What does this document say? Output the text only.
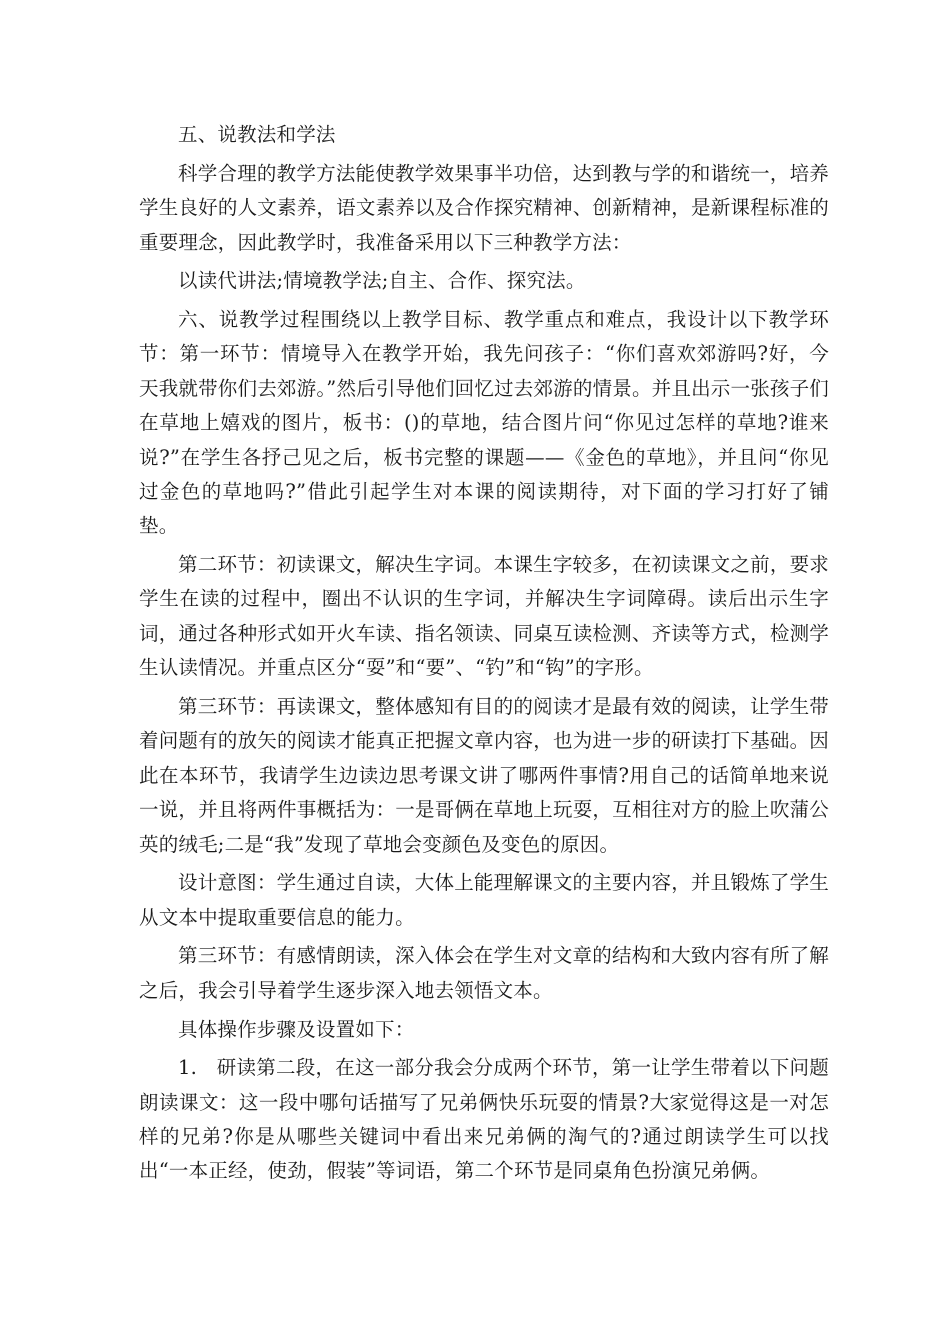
五、说教法和学法

科学合理的教学方法能使教学效果事半功倍，达到教与学的和谐统一，培养学生良好的人文素养，语文素养以及合作探究精神、创新精神，是新课程标准的重要理念，因此教学时，我准备采用以下三种教学方法：

以读代讲法;情境教学法;自主、合作、探究法。

六、说教学过程围绕以上教学目标、教学重点和难点，我设计以下教学环节：第一环节：情境导入在教学开始，我先问孩子：“你们喜欢郊游吗?好，今天我就带你们去郊游。”然后引导他们回忆过去郊游的情景。并且出示一张孩子们在草地上嬉戏的图片，板书：()的草地，结合图片问“你见过怎样的草地?谁来说?”在学生各抒己见之后，板书完整的课题——《金色的草地》，并且问“你见过金色的草地吗?”借此引起学生对本课的阅读期待，对下面的学习打好了铺垫。

第二环节：初读课文，解决生字词。本课生字较多，在初读课文之前，要求学生在读的过程中，圈出不认识的生字词，并解决生字词障碍。读后出示生字词，通过各种形式如开火车读、指名领读、同桌互读检测、齐读等方式，检测学生认读情况。并重点区分“耍”和“要”、“钓”和“钩”的字形。

第三环节：再读课文，整体感知有目的的阅读才是最有效的阅读，让学生带着问题有的放矢的阅读才能真正把握文章内容，也为进一步的研读打下基础。因此在本环节，我请学生边读边思考课文讲了哪两件事情?用自己的话简单地来说一说，并且将两件事概括为：一是哥俩在草地上玩耍，互相往对方的脸上吹蒲公英的绒毛;二是“我”发现了草地会变颜色及变色的原因。

设计意图：学生通过自读，大体上能理解课文的主要内容，并且锻炼了学生从文本中提取重要信息的能力。

第三环节：有感情朗读，深入体会在学生对文章的结构和大致内容有所了解之后，我会引导着学生逐步深入地去领悟文本。

具体操作步骤及设置如下：

1.　研读第二段，在这一部分我会分成两个环节，第一让学生带着以下问题朗读课文：这一段中哪句话描写了兄弟俩快乐玩耍的情景?大家觉得这是一对怎样的兄弟?你是从哪些关键词中看出来兄弟俩的淘气的?通过朗读学生可以找出“一本正经，使劲，假装”等词语，第二个环节是同桌角色扮演兄弟俩。
